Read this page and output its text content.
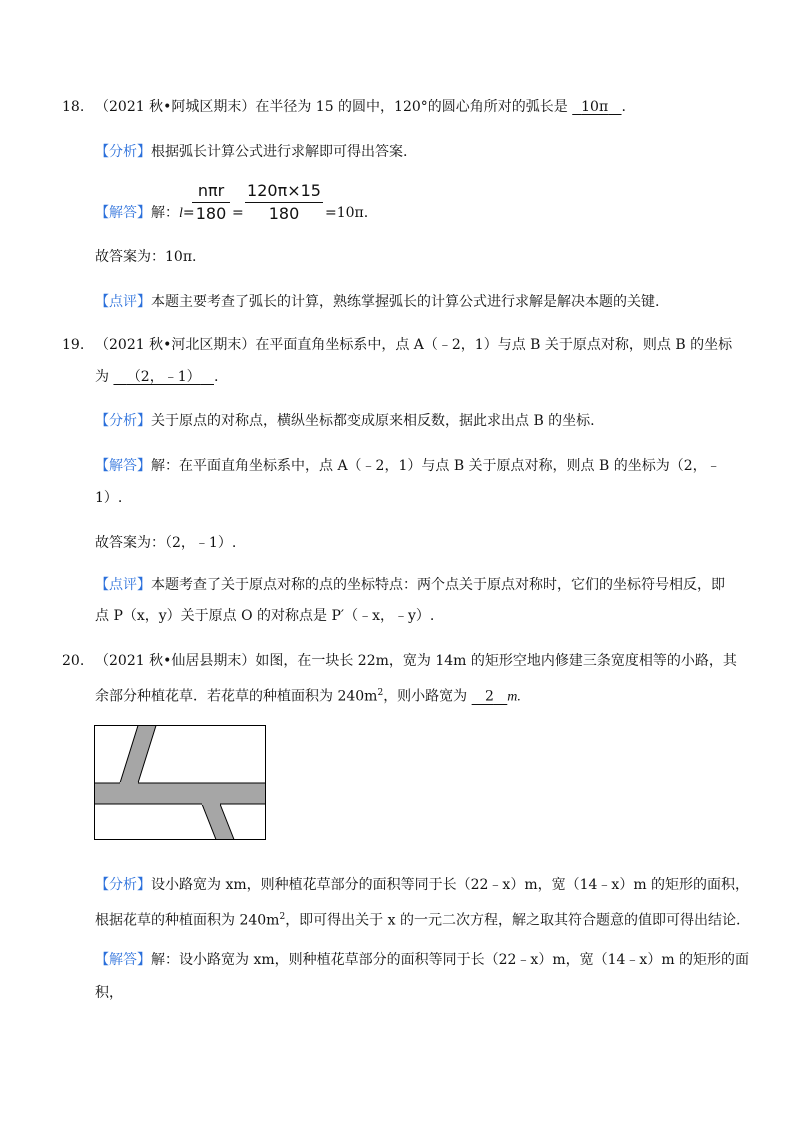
18. （2021 秋•阿城区期末）在半径为 15 的圆中，120°的圆心角所对的弧长是 10π .
【分析】根据弧长计算公式进行求解即可得出答案.
【解答】解：l=
nπr
180 =
120π×15
180	=10π.
故答案为：10π.
【点评】本题主要考查了弧长的计算，熟练掌握弧长的计算公式进行求解是解决本题的关键.
19. （2021 秋•河北区期末）在平面直角坐标系中，点 A（﹣2，1）与点 B 关于原点对称，则点 B 的坐标
为 （2，﹣1） .
【分析】关于原点的对称点，横纵坐标都变成原来相反数，据此求出点 B 的坐标.
【解答】解：在平面直角坐标系中，点 A（﹣2，1）与点 B 关于原点对称，则点 B 的坐标为（2，﹣
1）.
故答案为：（2，﹣1）.
【点评】本题考查了关于原点对称的点的坐标特点：两个点关于原点对称时，它们的坐标符号相反，即
点 P（x，y）关于原点 O 的对称点是 P′（﹣x，﹣y）.
20. （2021 秋•仙居县期末）如图，在一块长 22m，宽为 14m 的矩形空地内修建三条宽度相等的小路，其
余部分种植花草．若花草的种植面积为 $240m^2$，则小路宽为 2 m.
【分析】设小路宽为 xm，则种植花草部分的面积等同于长（22﹣x）m，宽（14﹣x）m 的矩形的面积，
根据花草的种植面积为 $240m^2$，即可得出关于 x 的一元二次方程，解之取其符合题意的值即可得出结论.
【解答】解：设小路宽为 xm，则种植花草部分的面积等同于长（22﹣x）m，宽（14﹣x）m 的矩形的面
积，
